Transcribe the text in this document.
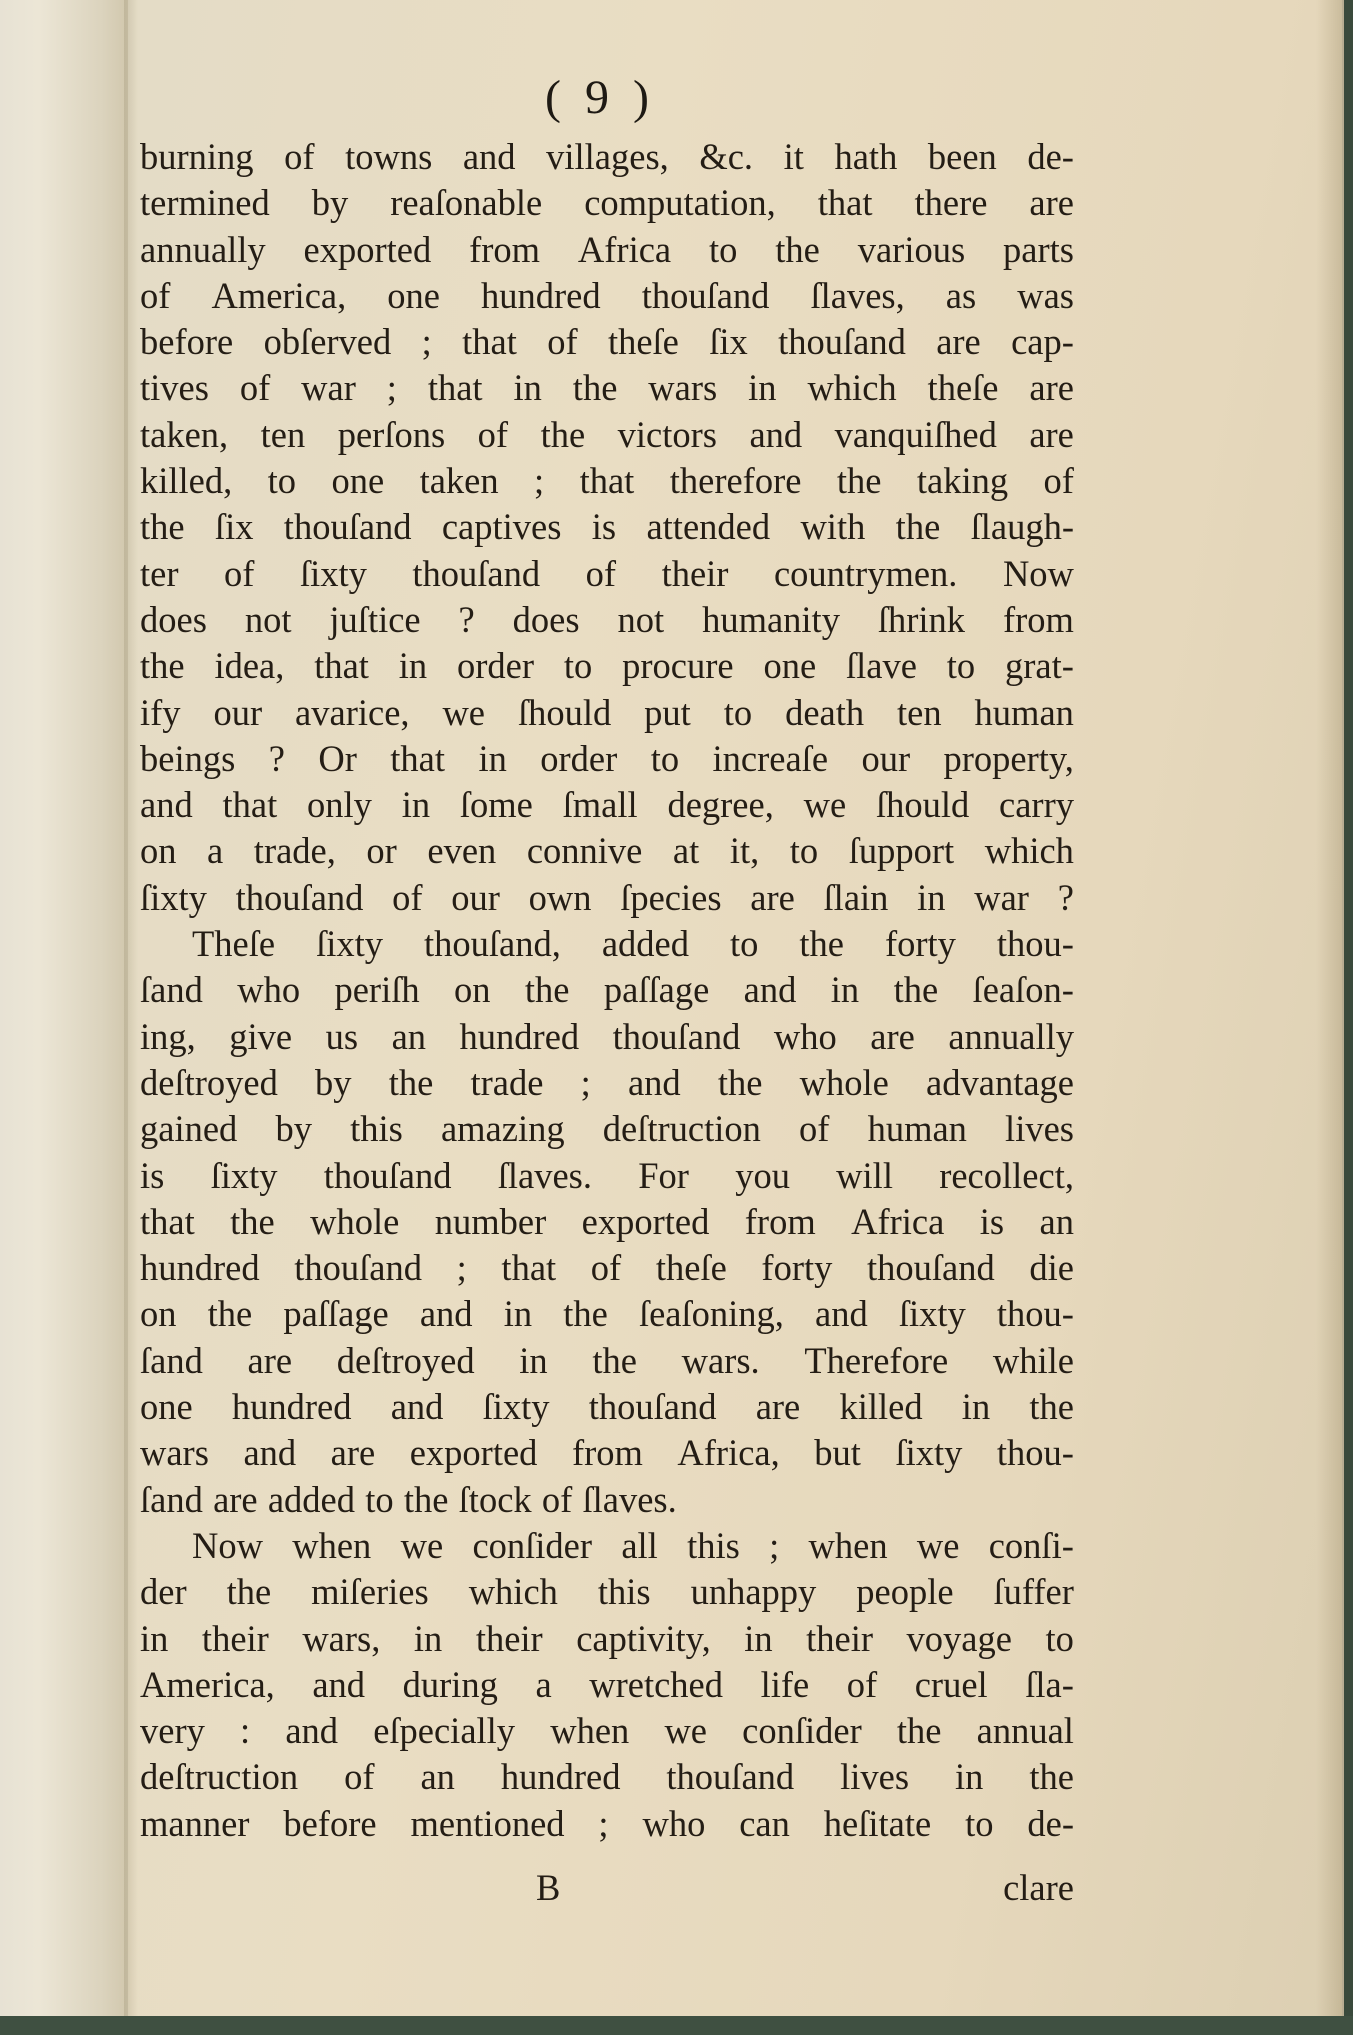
( 9 )
burning of towns and villages, &c. it hath been de-
termined by reaſonable computation, that there are
annually exported from Africa to the various parts
of America, one hundred thouſand ſlaves, as was
before obſerved ; that of theſe ſix thouſand are cap-
tives of war ; that in the wars in which theſe are
taken, ten perſons of the victors and vanquiſhed are
killed, to one taken ; that therefore the taking of
the ſix thouſand captives is attended with the ſlaugh-
ter of ſixty thouſand of their countrymen. Now
does not juſtice ? does not humanity ſhrink from
the idea, that in order to procure one ſlave to grat-
ify our avarice, we ſhould put to death ten human
beings ? Or that in order to increaſe our property,
and that only in ſome ſmall degree, we ſhould carry
on a trade, or even connive at it, to ſupport which
ſixty thouſand of our own ſpecies are ſlain in war ?
Theſe ſixty thouſand, added to the forty thou-
ſand who periſh on the paſſage and in the ſeaſon-
ing, give us an hundred thouſand who are annually
deſtroyed by the trade ; and the whole advantage
gained by this amazing deſtruction of human lives
is ſixty thouſand ſlaves. For you will recollect,
that the whole number exported from Africa is an
hundred thouſand ; that of theſe forty thouſand die
on the paſſage and in the ſeaſoning, and ſixty thou-
ſand are deſtroyed in the wars. Therefore while
one hundred and ſixty thouſand are killed in the
wars and are exported from Africa, but ſixty thou-
ſand are added to the ſtock of ſlaves.
Now when we conſider all this ; when we conſi-
der the miſeries which this unhappy people ſuffer
in their wars, in their captivity, in their voyage to
America, and during a wretched life of cruel ſla-
very : and eſpecially when we conſider the annual
deſtruction of an hundred thouſand lives in the
manner before mentioned ; who can heſitate to de-
B	clare
